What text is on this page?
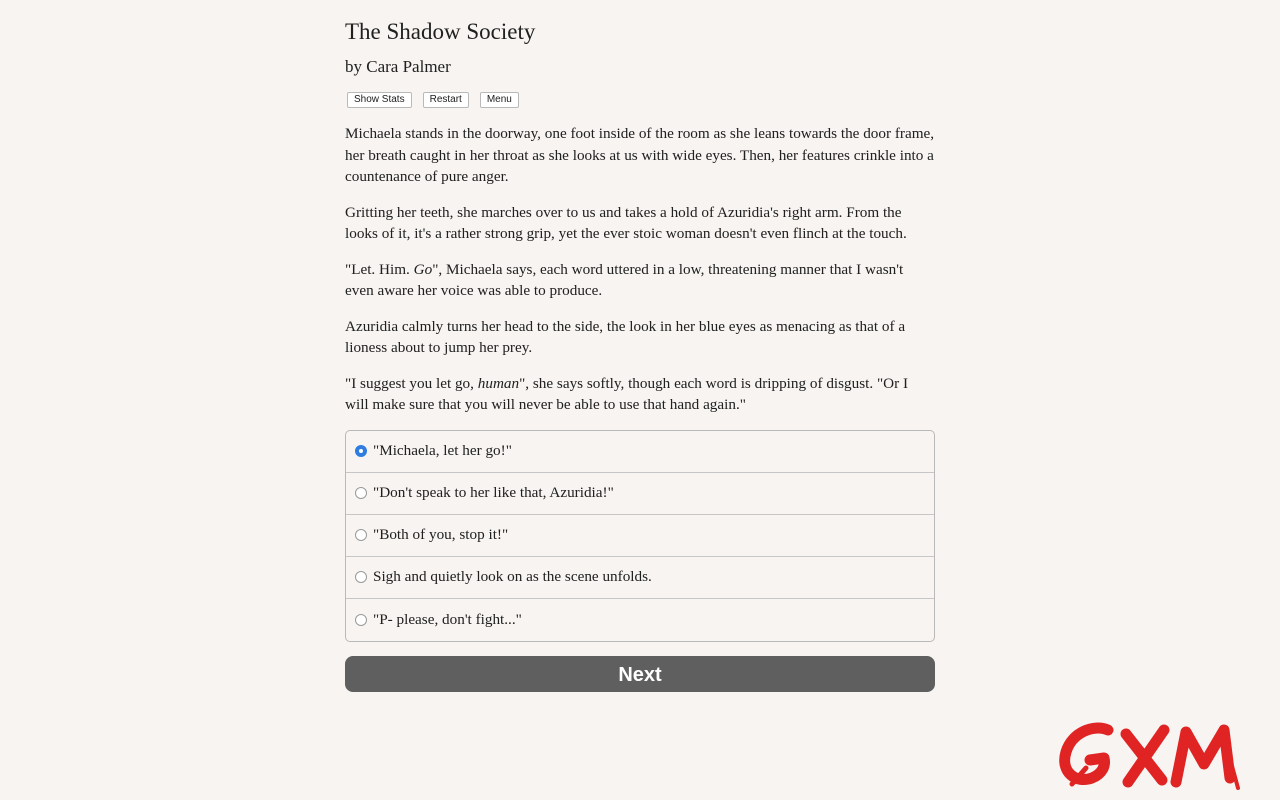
The Shadow Society
by Cara Palmer
Show Stats	Restart	Menu

Michaela stands in the doorway, one foot inside of the room as she leans towards the door frame, her breath caught in her throat as she looks at us with wide eyes. Then, her features crinkle into a countenance of pure anger.

Gritting her teeth, she marches over to us and takes a hold of Azuridia's right arm. From the looks of it, it's a rather strong grip, yet the ever stoic woman doesn't even flinch at the touch.

"Let. Him. Go", Michaela says, each word uttered in a low, threatening manner that I wasn't even aware her voice was able to produce.

Azuridia calmly turns her head to the side, the look in her blue eyes as menacing as that of a lioness about to jump her prey.

"I suggest you let go, human", she says softly, though each word is dripping of disgust. "Or I will make sure that you will never be able to use that hand again."

"Michaela, let her go!"
"Don't speak to her like that, Azuridia!"
"Both of you, stop it!"
Sigh and quietly look on as the scene unfolds.
"P- please, don't fight..."
Next
